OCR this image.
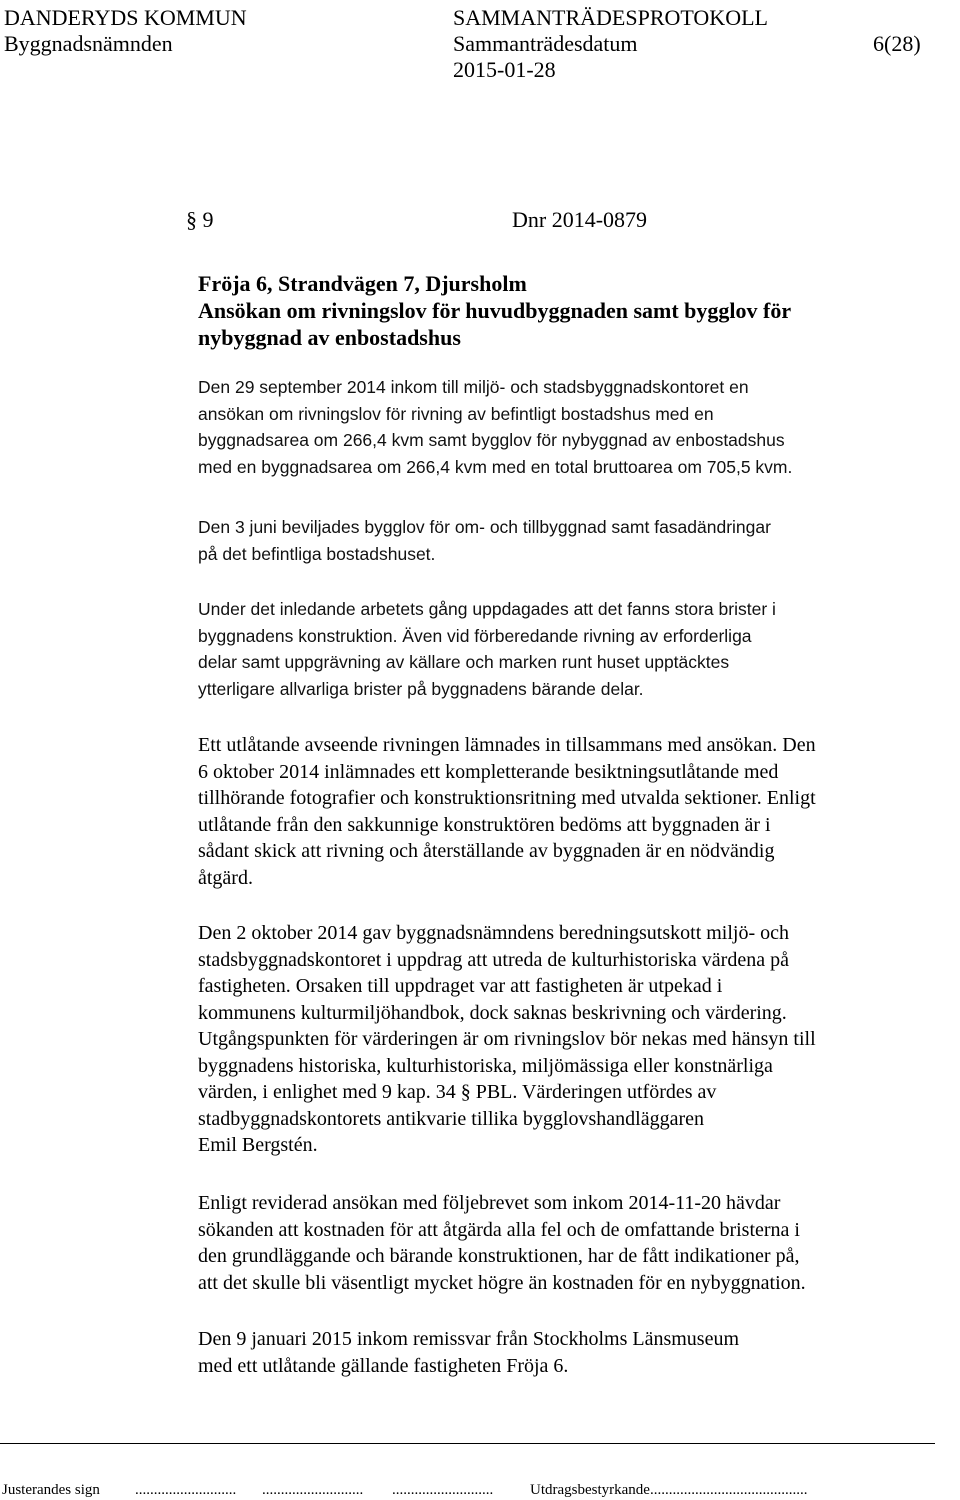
DANDERYDS KOMMUN
Byggnadsnämnden
SAMMANTRÄDESPROTOKOLL
Sammanträdesdatum
2015-01-28
6(28)
§ 9	Dnr 2014-0879
Fröja 6, Strandvägen 7, Djursholm
Ansökan om rivningslov för huvudbyggnaden samt bygglov för
nybyggnad av enbostadshus

Den 29 september 2014 inkom till miljö- och stadsbyggnadskontoret en
ansökan om rivningslov för rivning av befintligt bostadshus med en
byggnadsarea om 266,4 kvm samt bygglov för nybyggnad av enbostadshus
med en byggnadsarea om 266,4 kvm med en total bruttoarea om 705,5 kvm.

Den 3 juni beviljades bygglov för om- och tillbyggnad samt fasadändringar
på det befintliga bostadshuset.

Under det inledande arbetets gång uppdagades att det fanns stora brister i
byggnadens konstruktion. Även vid förberedande rivning av erforderliga
delar samt uppgrävning av källare och marken runt huset upptäcktes
ytterligare allvarliga brister på byggnadens bärande delar.

Ett utlåtande avseende rivningen lämnades in tillsammans med ansökan. Den
6 oktober 2014 inlämnades ett kompletterande besiktningsutlåtande med
tillhörande fotografier och konstruktionsritning med utvalda sektioner. Enligt
utlåtande från den sakkunnige konstruktören bedöms att byggnaden är i
sådant skick att rivning och återställande av byggnaden är en nödvändig
åtgärd.

Den 2 oktober 2014 gav byggnadsnämndens beredningsutskott miljö- och
stadsbyggnadskontoret i uppdrag att utreda de kulturhistoriska värdena på
fastigheten. Orsaken till uppdraget var att fastigheten är utpekad i
kommunens kulturmiljöhandbok, dock saknas beskrivning och värdering.
Utgångspunkten för värderingen är om rivningslov bör nekas med hänsyn till
byggnadens historiska, kulturhistoriska, miljömässiga eller konstnärliga
värden, i enlighet med 9 kap. 34 § PBL. Värderingen utfördes av
stadbyggnadskontorets antikvarie tillika bygglovshandläggaren
Emil Bergstén.

Enligt reviderad ansökan med följebrevet som inkom 2014-11-20 hävdar
sökanden att kostnaden för att åtgärda alla fel och de omfattande bristerna i
den grundläggande och bärande konstruktionen, har de fått indikationer på,
att det skulle bli väsentligt mycket högre än kostnaden för en nybyggnation.

Den 9 januari 2015 inkom remissvar från Stockholms Länsmuseum
med ett utlåtande gällande fastigheten Fröja 6.

Justerandes sign ........................... ........................... ........................... Utdragsbestyrkande..........................................
